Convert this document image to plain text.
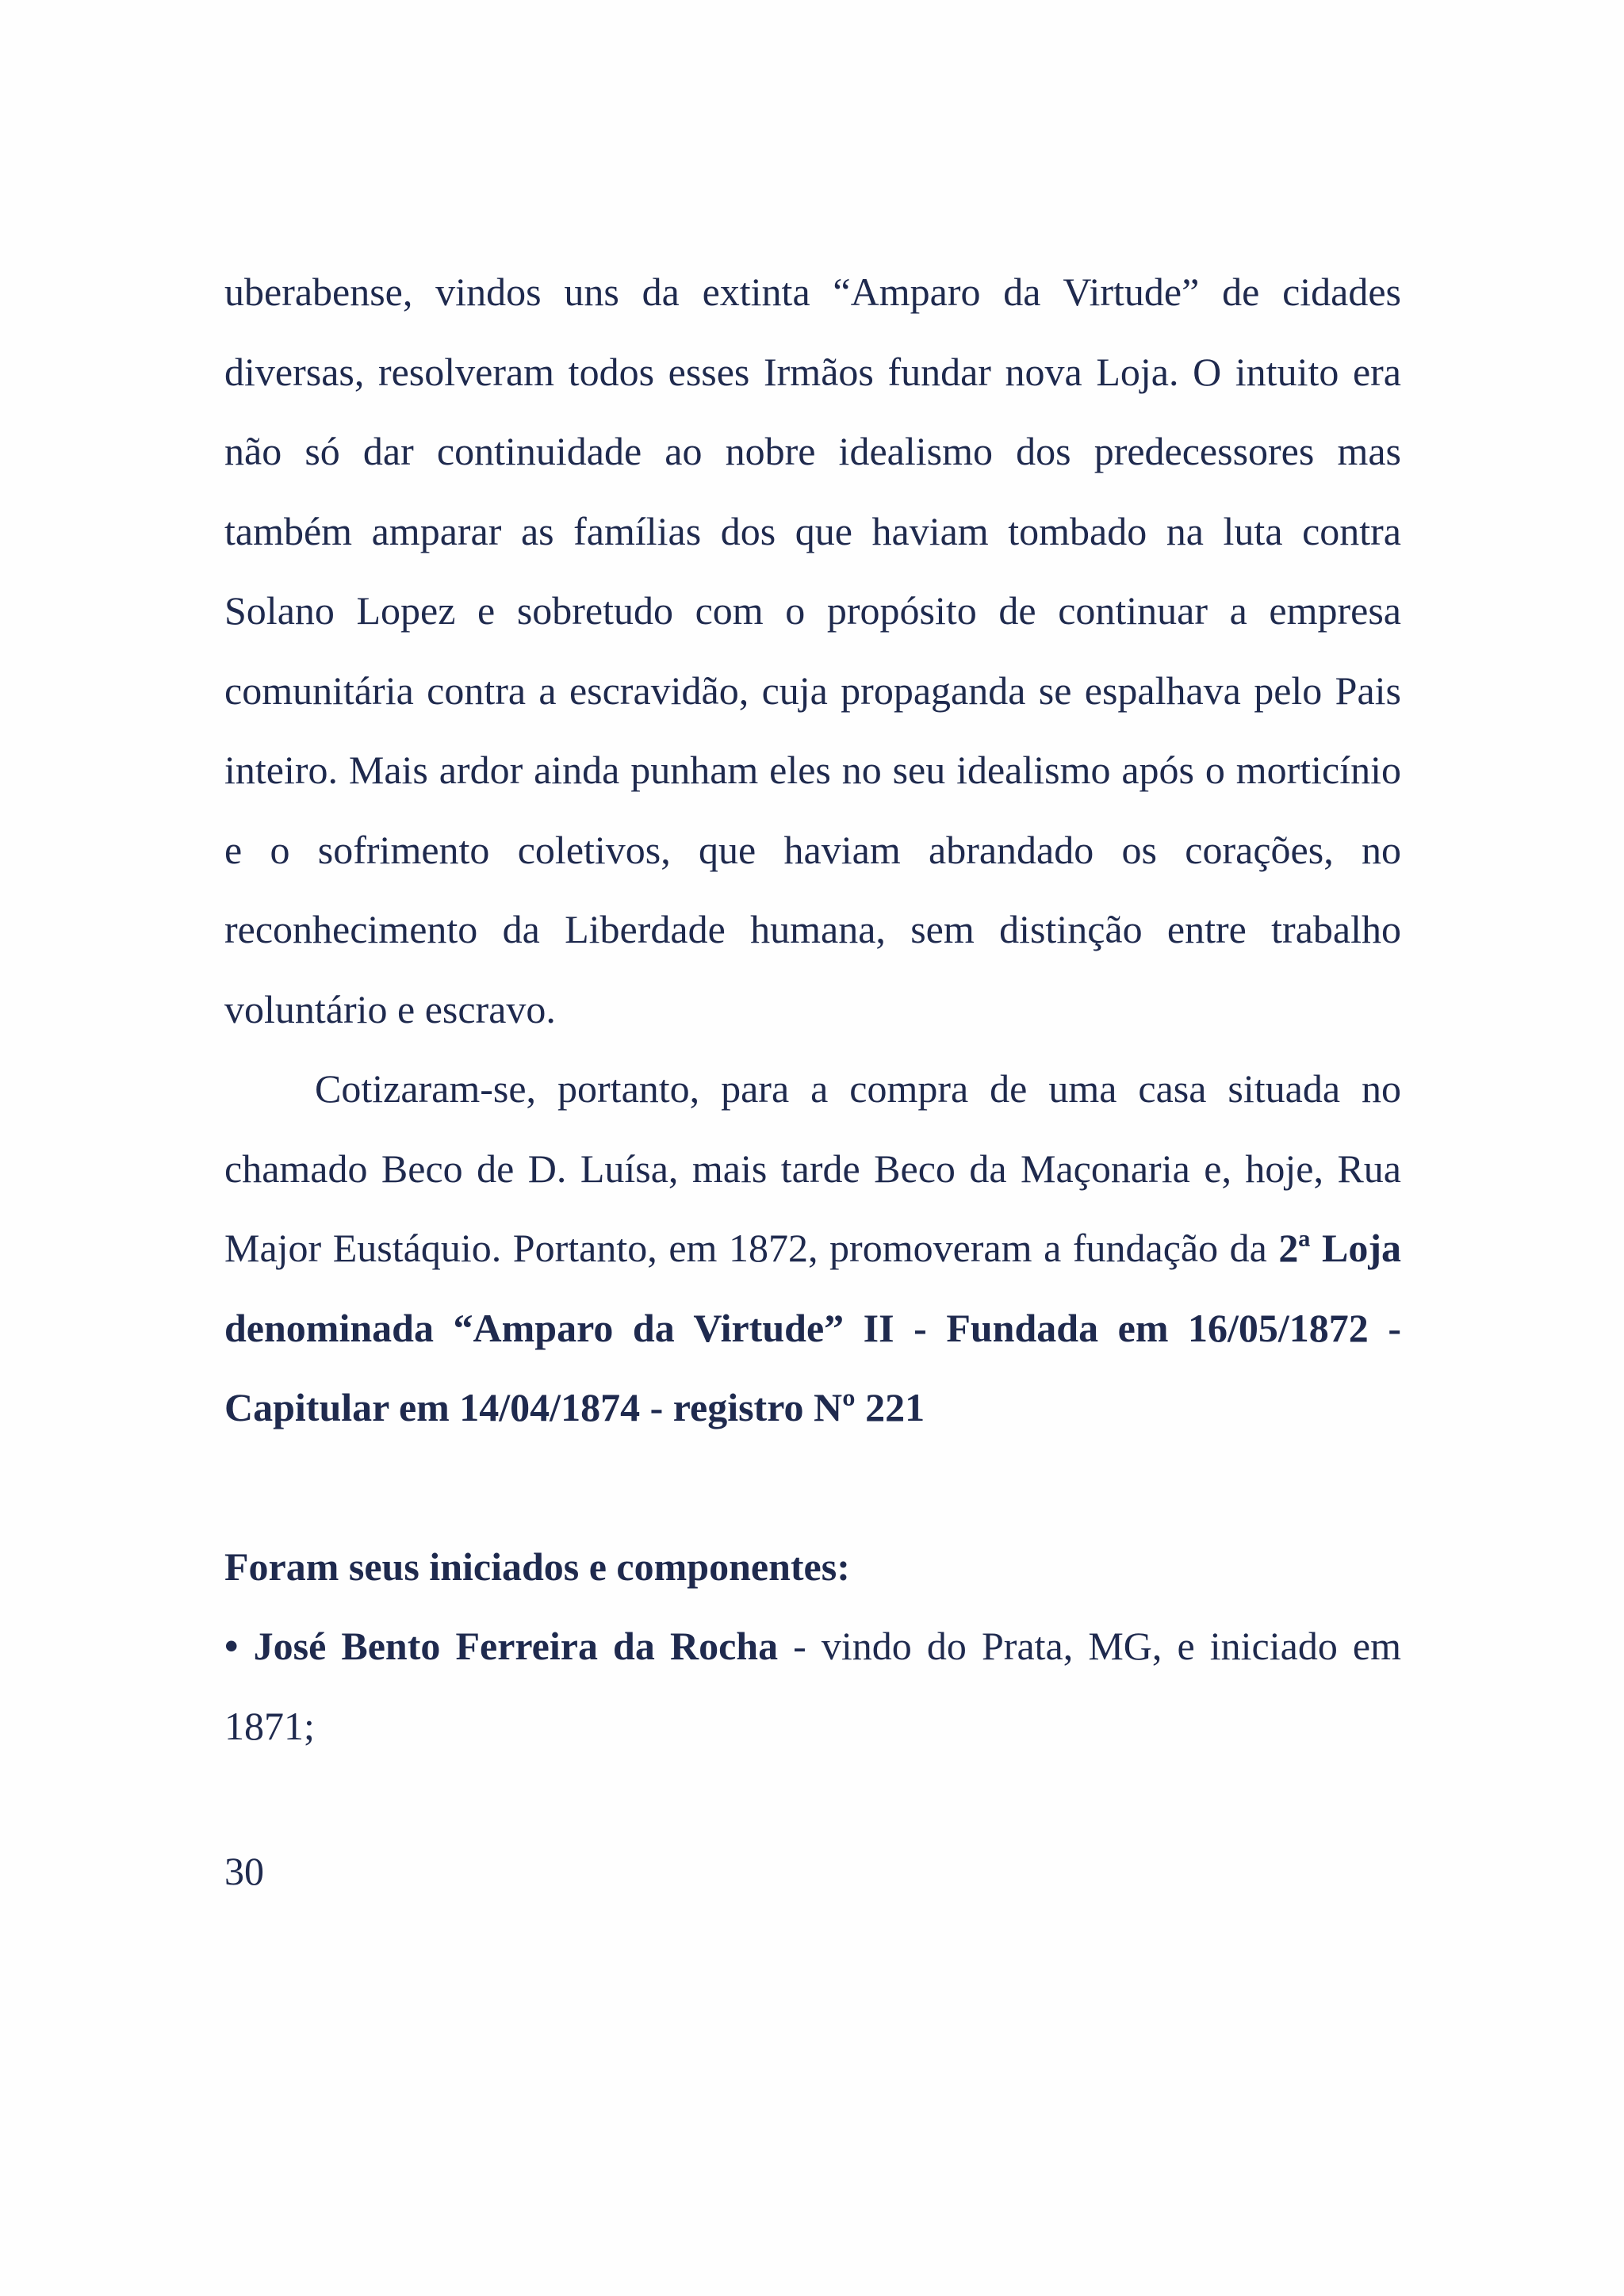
uberabense, vindos uns da extinta “Amparo da Virtude” de cidades diversas, resolveram todos esses Irmãos fundar nova Loja. O intuito era não só dar continuidade ao nobre idealismo dos predecessores mas também amparar as famílias dos que haviam tombado na luta contra Solano Lopez e sobretudo com o propósito de continuar a empresa comunitária contra a escravidão, cuja propaganda se espalhava pelo Pais inteiro. Mais ardor ainda punham eles no seu idealismo após o morticínio e o sofrimento coletivos, que haviam abrandado os corações, no reconhecimento da Liberdade humana, sem distinção entre trabalho voluntário e escravo.

Cotizaram-se, portanto, para a compra de uma casa situada no chamado Beco de D. Luísa, mais tarde Beco da Maçonaria e, hoje, Rua Major Eustáquio. Portanto, em 1872, promoveram a fundação da 2ª Loja denominada “Amparo da Virtude” II - Fundada em 16/05/1872 - Capitular em 14/04/1874 - registro Nº 221

Foram seus iniciados e componentes:

• José Bento Ferreira da Rocha - vindo do Prata, MG, e iniciado em 1871;

30
